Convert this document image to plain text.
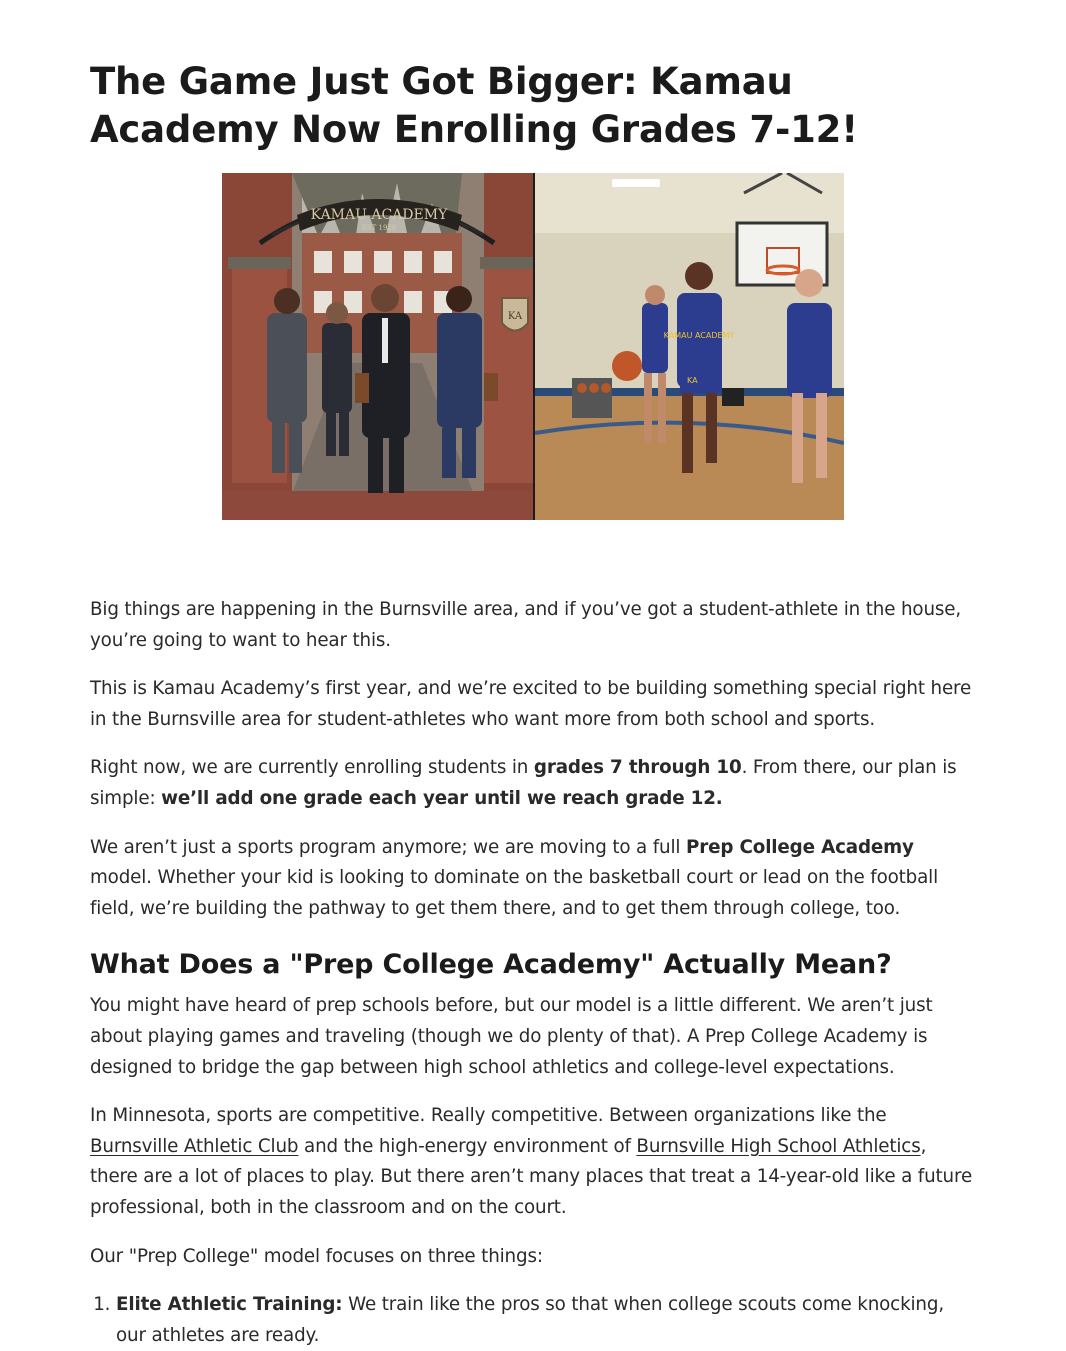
KA
KAMAU ACADEMY
EST 1928
KAMAU ACADEMY
KA
The Game Just Got Bigger: Kamau Academy Now Enrolling Grades 7-12!

Big things are happening in the Burnsville area, and if you’ve got a student-athlete in the house, you’re going to want to hear this.

This is Kamau Academy’s first year, and we’re excited to be building something special right here in the Burnsville area for student-athletes who want more from both school and sports.

Right now, we are currently enrolling students in grades 7 through 10. From there, our plan is simple: we’ll add one grade each year until we reach grade 12.

We aren’t just a sports program anymore; we are moving to a full Prep College Academy model. Whether your kid is looking to dominate on the basketball court or lead on the football field, we’re building the pathway to get them there, and to get them through college, too.

What Does a "Prep College Academy" Actually Mean?

You might have heard of prep schools before, but our model is a little different. We aren’t just about playing games and traveling (though we do plenty of that). A Prep College Academy is designed to bridge the gap between high school athletics and college-level expectations.

In Minnesota, sports are competitive. Really competitive. Between organizations like the Burnsville Athletic Club and the high-energy environment of Burnsville High School Athletics, there are a lot of places to play. But there aren’t many places that treat a 14-year-old like a future professional, both in the classroom and on the court.

Our "Prep College" model focuses on three things:

1. Elite Athletic Training: We train like the pros so that when college scouts come knocking, our athletes are ready.
